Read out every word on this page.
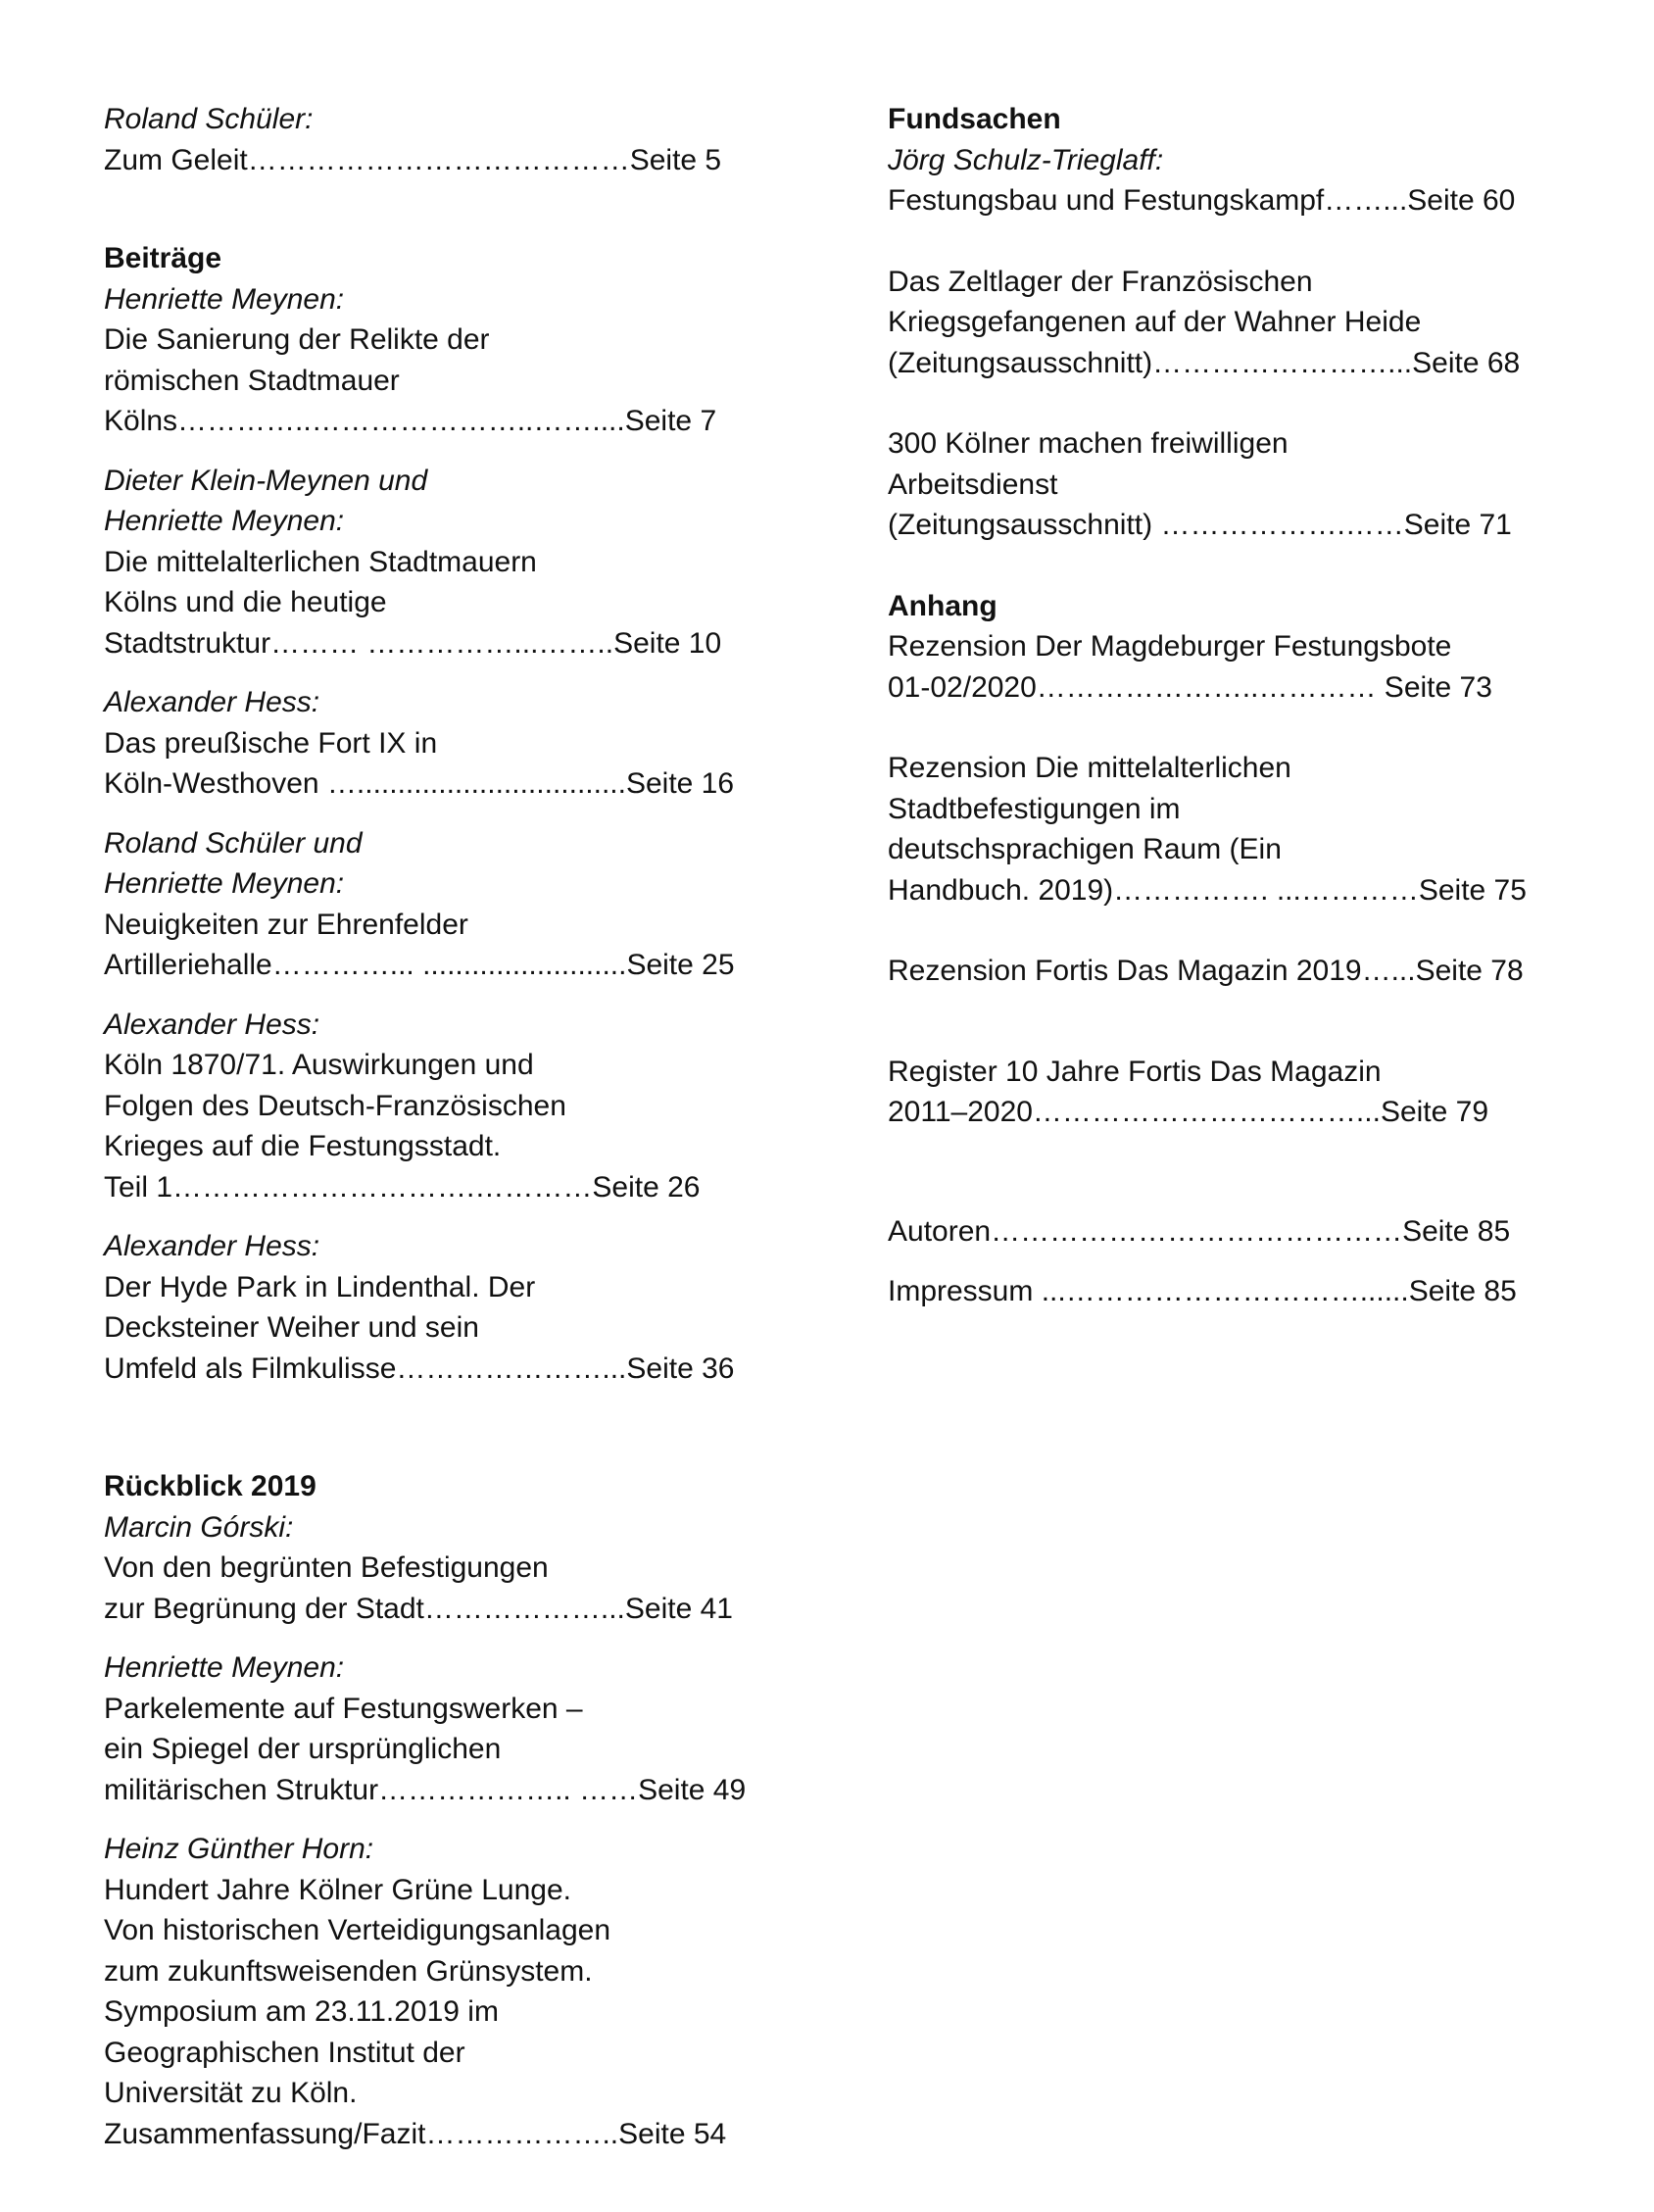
Roland Schüler:
Zum Geleit…………………………………Seite 5
Beiträge
Henriette Meynen:
Die Sanierung der Relikte der
römischen Stadtmauer
Kölns…………..…………………..……....Seite 7
Dieter Klein-Meynen und
Henriette Meynen:
Die mittelalterlichen Stadtmauern
Kölns und die heutige
Stadtstruktur……… ……………...……..Seite 10
Alexander Hess:
Das preußische Fort IX in
Köln-Westhoven ….................................Seite 16
Roland Schüler und
Henriette Meynen:
Neuigkeiten zur Ehrenfelder
Artilleriehalle…………... .........................Seite 25
Alexander Hess:
Köln 1870/71. Auswirkungen und
Folgen des Deutsch-Französischen
Krieges auf die Festungsstadt.
Teil 1………………………….…………Seite 26
Alexander Hess:
Der Hyde Park in Lindenthal. Der
Decksteiner Weiher und sein
Umfeld als Filmkulisse…………………...Seite 36
Rückblick 2019
Marcin Górski:
Von den begrünten Befestigungen
zur Begrünung der Stadt………………...Seite 41
Henriette Meynen:
Parkelemente auf Festungswerken –
ein Spiegel der ursprünglichen
militärischen Struktur……………….. ……Seite 49
Heinz Günther Horn:
Hundert Jahre Kölner Grüne Lunge.
Von historischen Verteidigungsanlagen
zum zukunftsweisenden Grünsystem.
Symposium am 23.11.2019 im
Geographischen Institut der
Universität zu Köln.
Zusammenfassung/Fazit………………..Seite 54
Fundsachen
Jörg Schulz-Trieglaff:
Festungsbau und Festungskampf……...Seite 60
Das Zeltlager der Französischen
Kriegsgefangenen auf der Wahner Heide
(Zeitungsausschnitt)……………………...Seite 68
300 Kölner machen freiwilligen
Arbeitsdienst
(Zeitungsausschnitt) ……………….……Seite 71
Anhang
Rezension Der Magdeburger Festungsbote
01-02/2020…………………..………… Seite 73
Rezension Die mittelalterlichen
Stadtbefestigungen im
deutschsprachigen Raum (Ein
Handbuch. 2019)……………. ...…………Seite 75
Rezension Fortis Das Magazin 2019…...Seite 78
Register 10 Jahre Fortis Das Magazin
2011–2020……………………………...Seite 79
Autoren……………………………………Seite 85
Impressum ...…………………………......Seite 85
